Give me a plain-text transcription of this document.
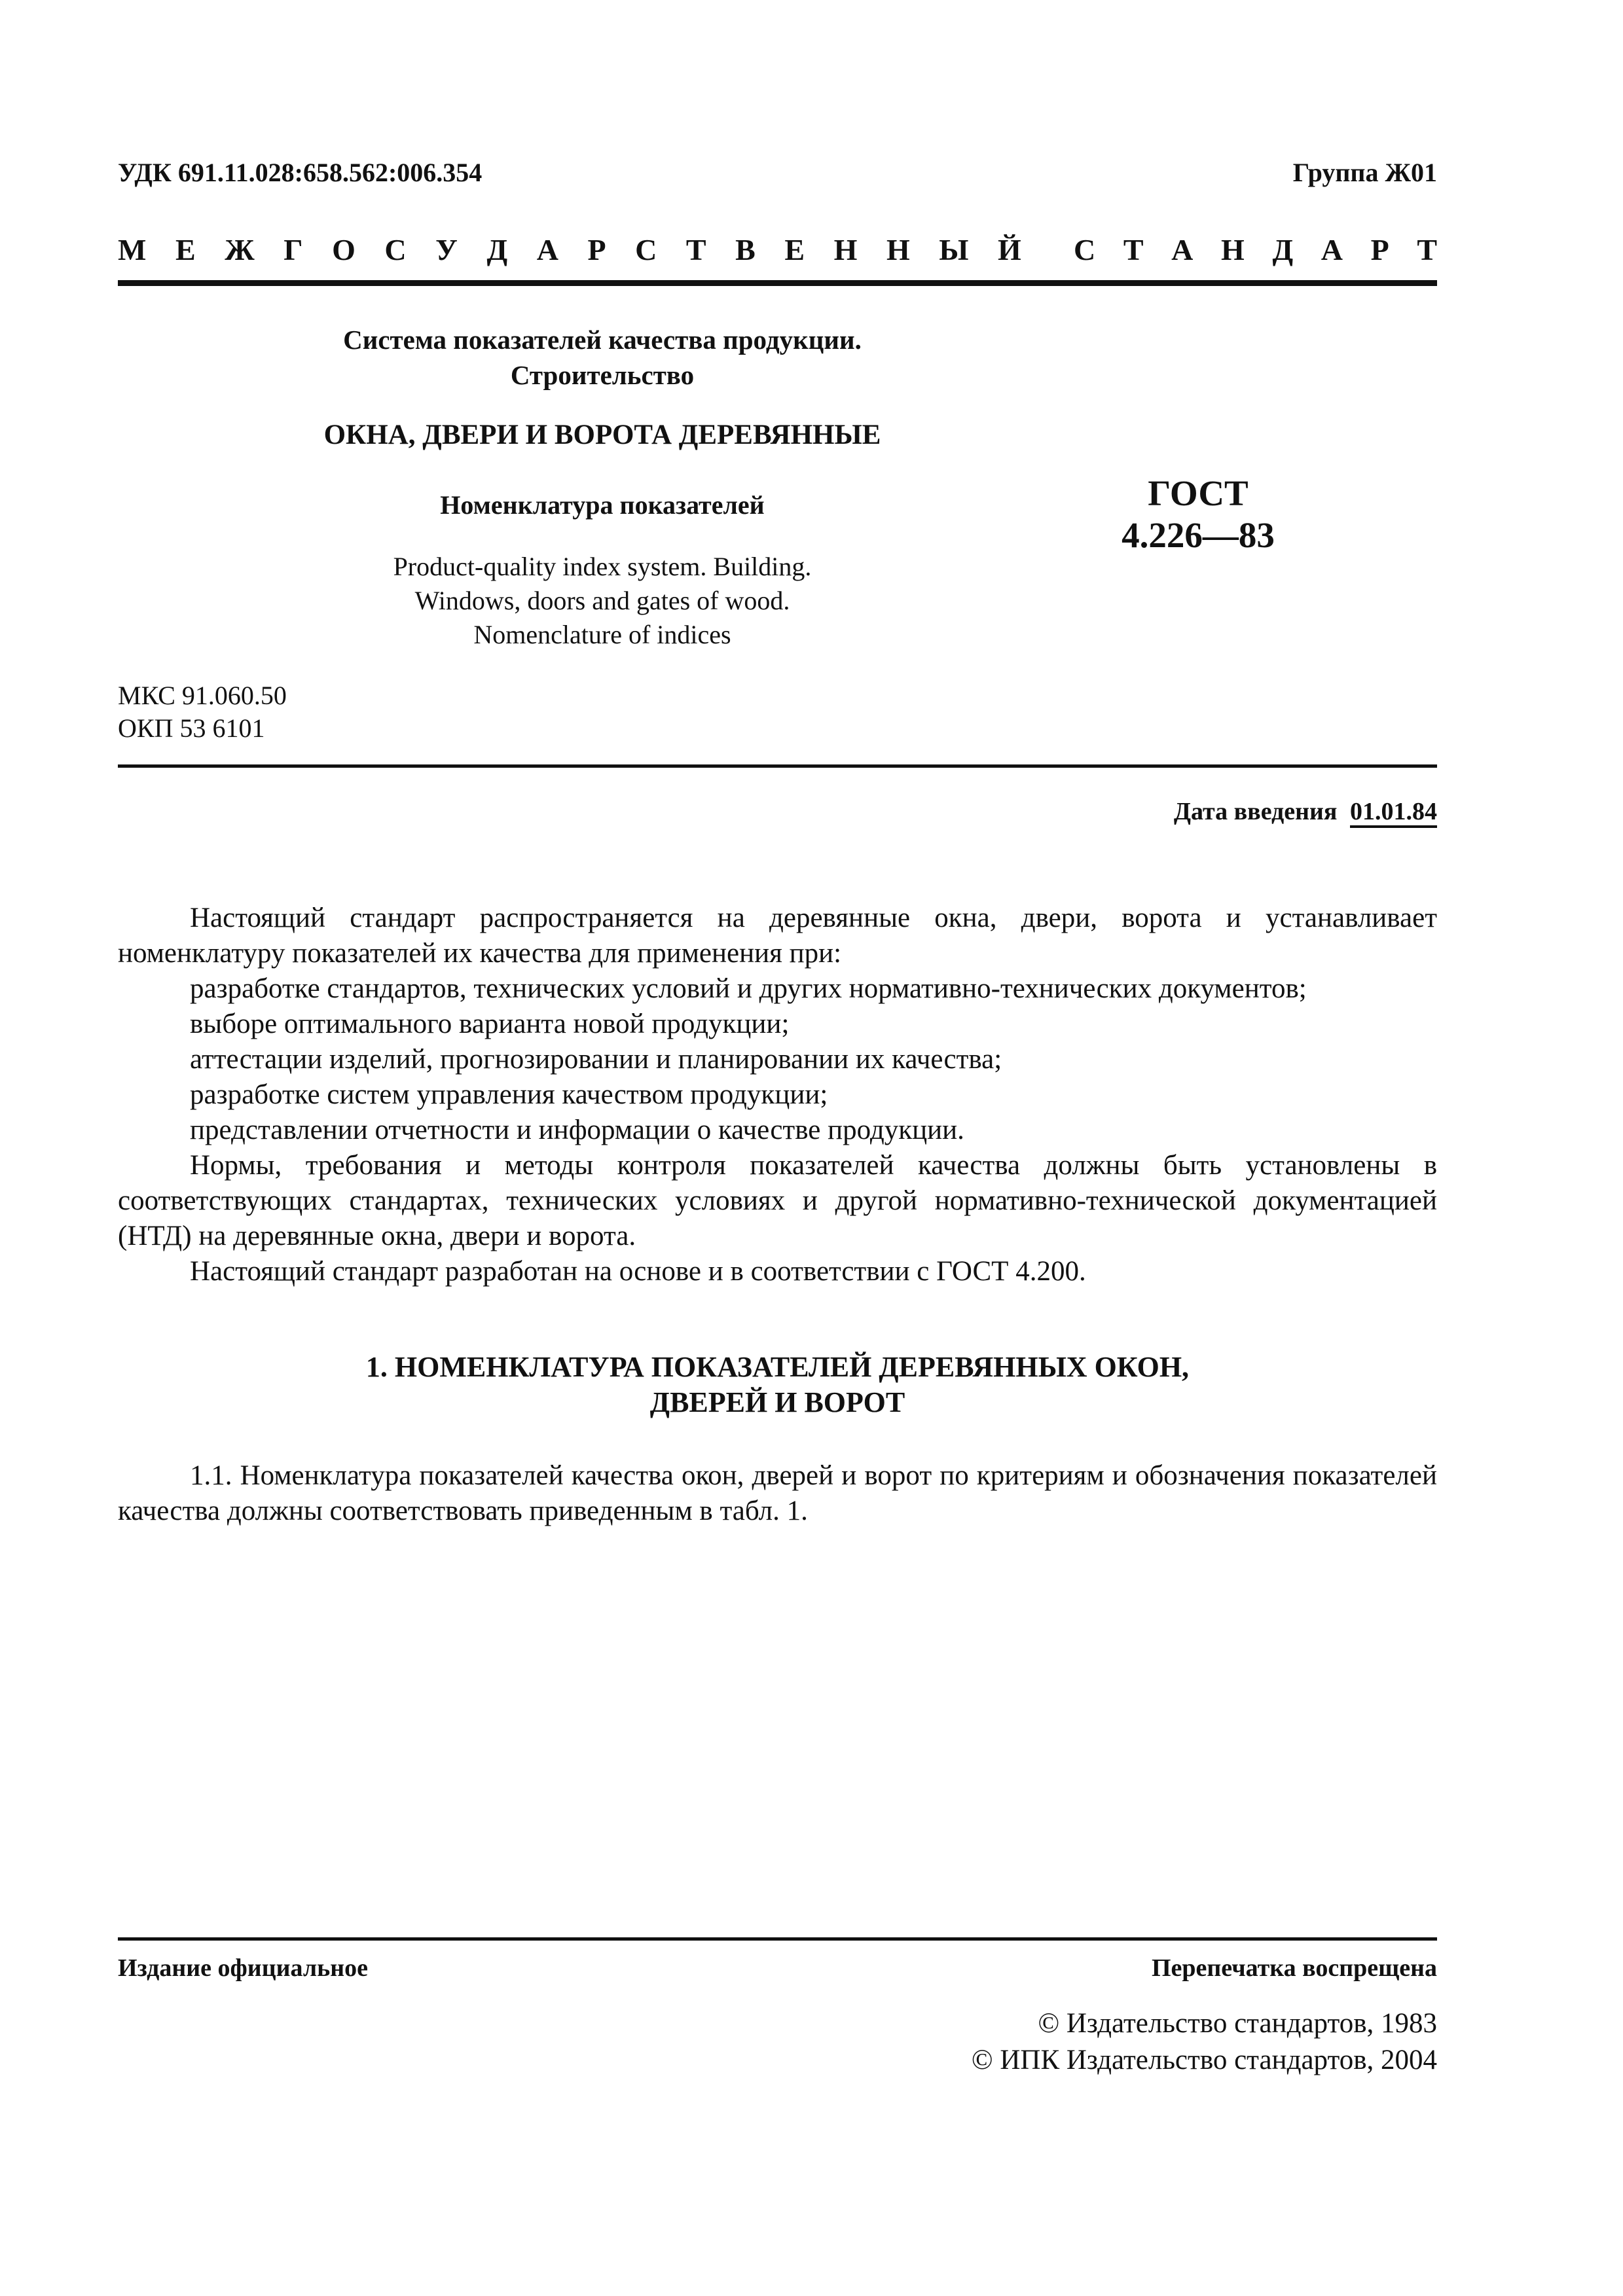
УДК 691.11.028:658.562:006.354	Группа Ж01
М Е Ж Г О С У Д А Р С Т В Е Н Н Ы Й С Т А Н Д А Р Т
Система показателей качества продукции.
Строительство
ОКНА, ДВЕРИ И ВОРОТА ДЕРЕВЯННЫЕ
Номенклатура показателей	ГОСТ
4.226—83
Product-quality index system. Building.
Windows, doors and gates of wood.
Nomenclature of indices
МКС 91.060.50
ОКП 53 6101
Дата введения 01.01.84

Настоящий стандарт распространяется на деревянные окна, двери, ворота и устанавливает номенклатуру показателей их качества для применения при:

разработке стандартов, технических условий и других нормативно-технических документов;

выборе оптимального варианта новой продукции;

аттестации изделий, прогнозировании и планировании их качества;

разработке систем управления качеством продукции;

представлении отчетности и информации о качестве продукции.

Нормы, требования и методы контроля показателей качества должны быть установлены в соответствующих стандартах, технических условиях и другой нормативно-технической документацией (НТД) на деревянные окна, двери и ворота.

Настоящий стандарт разработан на основе и в соответствии с ГОСТ 4.200.

1. НОМЕНКЛАТУРА ПОКАЗАТЕЛЕЙ ДЕРЕВЯННЫХ ОКОН,
ДВЕРЕЙ И ВОРОТ

1.1. Номенклатура показателей качества окон, дверей и ворот по критериям и обозначения показателей качества должны соответствовать приведенным в табл. 1.

Издание официальное	Перепечатка воспрещена
© Издательство стандартов, 1983
© ИПК Издательство стандартов, 2004
